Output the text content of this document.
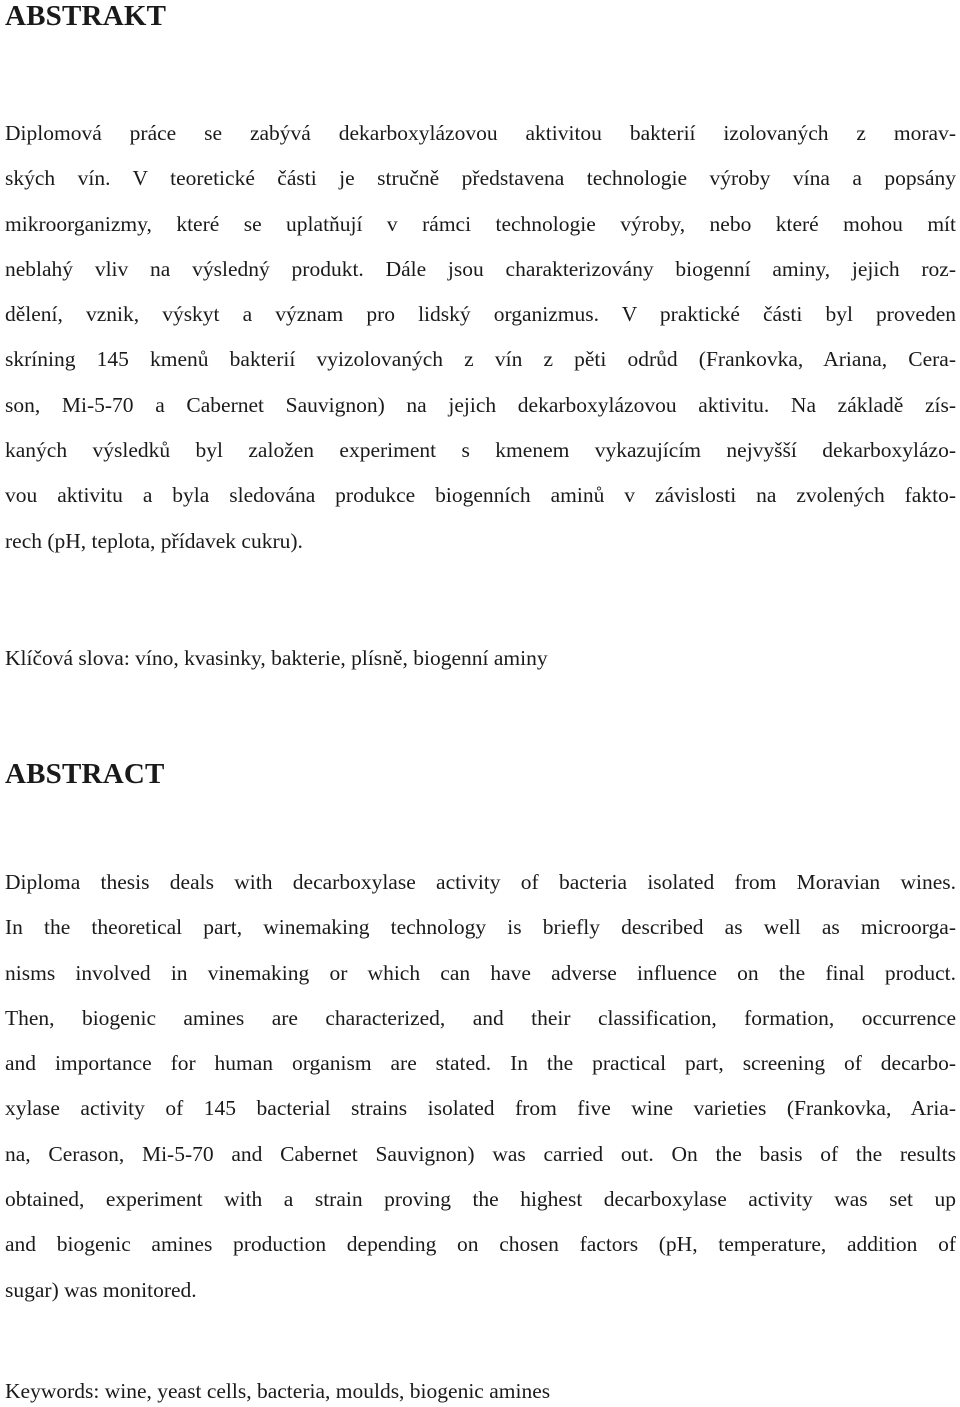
ABSTRAKT
Diplomová práce se zabývá dekarboxylázovou aktivitou bakterií izolovaných z morav-
ských vín. V teoretické části je stručně představena technologie výroby vína a popsány
mikroorganizmy, které se uplatňují v rámci technologie výroby, nebo které mohou mít
neblahý vliv na výsledný produkt. Dále jsou charakterizovány biogenní aminy, jejich roz-
dělení, vznik, výskyt a význam pro lidský organizmus. V praktické části byl proveden
skríning 145 kmenů bakterií vyizolovaných z vín z pěti odrůd (Frankovka, Ariana, Cera-
son, Mi-5-70 a Cabernet Sauvignon) na jejich dekarboxylázovou aktivitu. Na základě zís-
kaných výsledků byl založen experiment s kmenem vykazujícím nejvyšší dekarboxylázo-
vou aktivitu a byla sledována produkce biogenních aminů v závislosti na zvolených fakto-
rech (pH, teplota, přídavek cukru).
Klíčová slova: víno, kvasinky, bakterie, plísně, biogenní aminy
ABSTRACT
Diploma thesis deals with decarboxylase activity of bacteria isolated from Moravian wines.
In the theoretical part, winemaking technology is briefly described as well as microorga-
nisms involved in vinemaking or which can have adverse influence on the final product.
Then, biogenic amines are characterized, and their classification, formation, occurrence
and importance for human organism are stated. In the practical part, screening of decarbo-
xylase activity of 145 bacterial strains isolated from five wine varieties (Frankovka, Aria-
na, Cerason, Mi-5-70 and Cabernet Sauvignon) was carried out. On the basis of the results
obtained, experiment with a strain proving the highest decarboxylase activity was set up
and biogenic amines production depending on chosen factors (pH, temperature, addition of
sugar) was monitored.
Keywords: wine, yeast cells, bacteria, moulds, biogenic amines
